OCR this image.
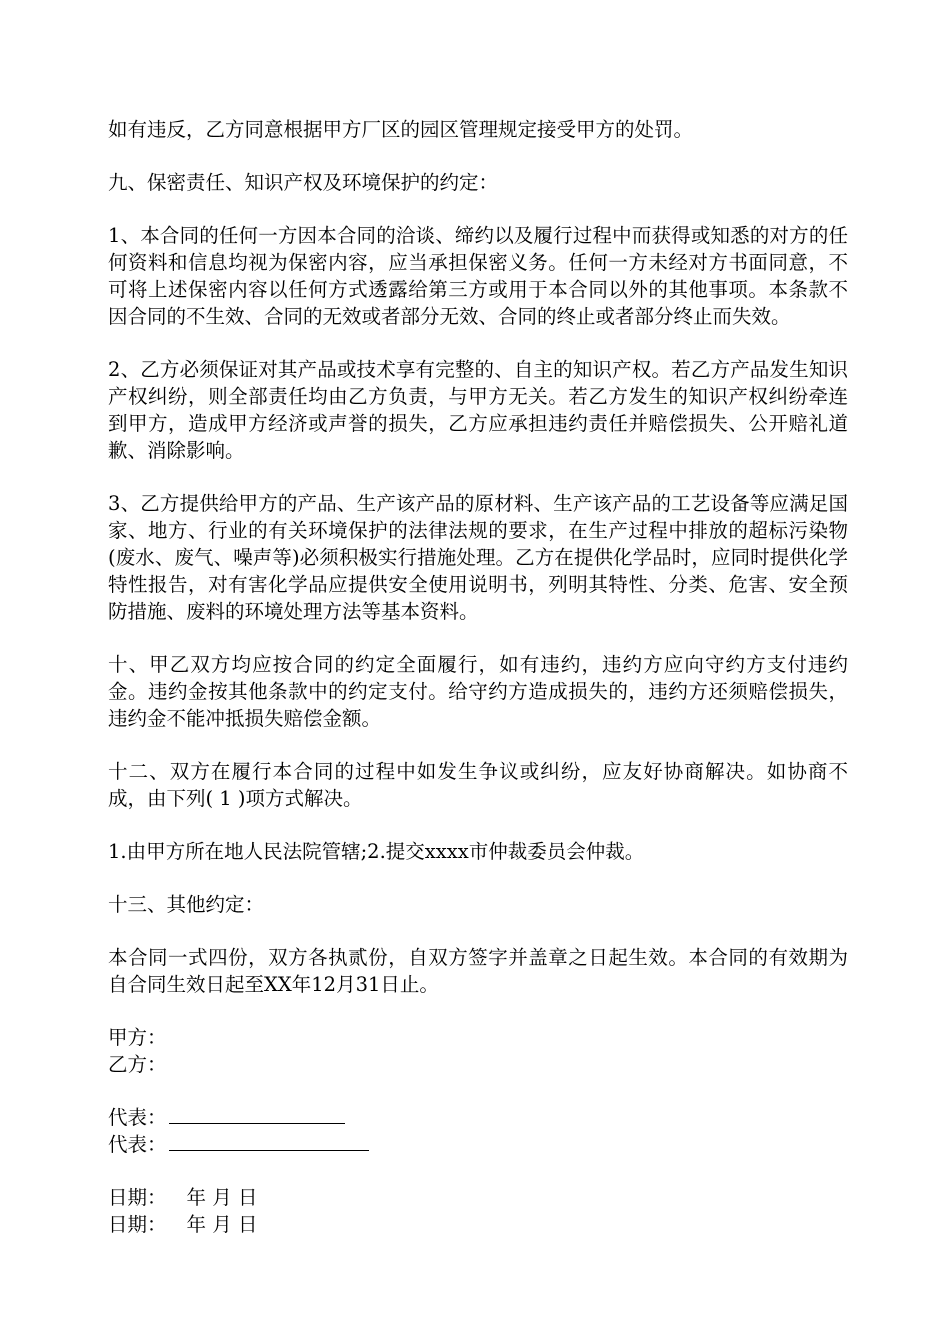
如有违反，乙方同意根据甲方厂区的园区管理规定接受甲方的处罚。

九、保密责任、知识产权及环境保护的约定：

1、本合同的任何一方因本合同的洽谈、缔约以及履行过程中而获得或知悉的对方的任何资料和信息均视为保密内容，应当承担保密义务。任何一方未经对方书面同意，不可将上述保密内容以任何方式透露给第三方或用于本合同以外的其他事项。本条款不因合同的不生效、合同的无效或者部分无效、合同的终止或者部分终止而失效。

2、乙方必须保证对其产品或技术享有完整的、自主的知识产权。若乙方产品发生知识产权纠纷，则全部责任均由乙方负责，与甲方无关。若乙方发生的知识产权纠纷牵连到甲方，造成甲方经济或声誉的损失，乙方应承担违约责任并赔偿损失、公开赔礼道歉、消除影响。

3、乙方提供给甲方的产品、生产该产品的原材料、生产该产品的工艺设备等应满足国家、地方、行业的有关环境保护的法律法规的要求，在生产过程中排放的超标污染物(废水、废气、噪声等)必须积极实行措施处理。乙方在提供化学品时，应同时提供化学特性报告，对有害化学品应提供安全使用说明书，列明其特性、分类、危害、安全预防措施、废料的环境处理方法等基本资料。

十、甲乙双方均应按合同的约定全面履行，如有违约，违约方应向守约方支付违约金。违约金按其他条款中的约定支付。给守约方造成损失的，违约方还须赔偿损失，违约金不能冲抵损失赔偿金额。

十二、双方在履行本合同的过程中如发生争议或纠纷，应友好协商解决。如协商不成，由下列( 1 )项方式解决。

1.由甲方所在地人民法院管辖;2.提交xxxx市仲裁委员会仲裁。

十三、其他约定：

本合同一式四份，双方各执贰份，自双方签字并盖章之日起生效。本合同的有效期为自合同生效日起至XX年12月31日止。

甲方：
乙方：
代表：
代表：
日期： 年 月 日
日期： 年 月 日
